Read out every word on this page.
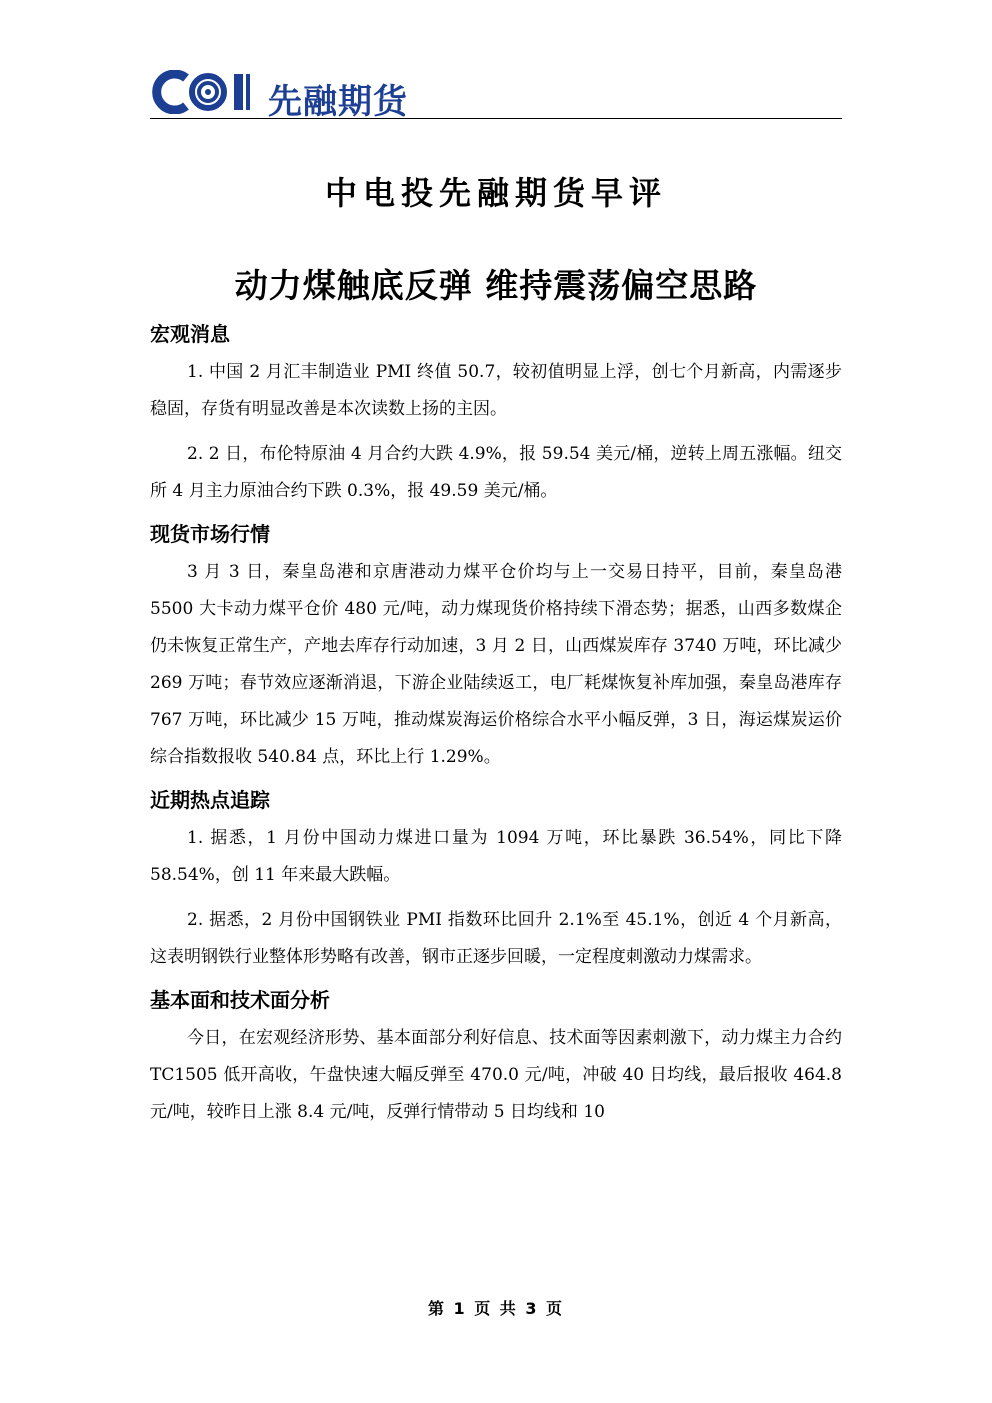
先融期货
中电投先融期货早评
动力煤触底反弹 维持震荡偏空思路
宏观消息

1. 中国 2 月汇丰制造业 PMI 终值 50.7，较初值明显上浮，创七个月新高，内需逐步稳固，存货有明显改善是本次读数上扬的主因。

2. 2 日，布伦特原油 4 月合约大跌 4.9%，报 59.54 美元/桶，逆转上周五涨幅。纽交所 4 月主力原油合约下跌 0.3%，报 49.59 美元/桶。

现货市场行情

3 月 3 日，秦皇岛港和京唐港动力煤平仓价均与上一交易日持平，目前，秦皇岛港 5500 大卡动力煤平仓价 480 元/吨，动力煤现货价格持续下滑态势；据悉，山西多数煤企仍未恢复正常生产，产地去库存行动加速，3 月 2 日，山西煤炭库存 3740 万吨，环比减少 269 万吨；春节效应逐渐消退，下游企业陆续返工，电厂耗煤恢复补库加强，秦皇岛港库存 767 万吨，环比减少 15 万吨，推动煤炭海运价格综合水平小幅反弹，3 日，海运煤炭运价综合指数报收 540.84 点，环比上行 1.29%。

近期热点追踪

1. 据悉，1 月份中国动力煤进口量为 1094 万吨，环比暴跌 36.54%，同比下降 58.54%，创 11 年来最大跌幅。

2. 据悉，2 月份中国钢铁业 PMI 指数环比回升 2.1%至 45.1%，创近 4 个月新高，这表明钢铁行业整体形势略有改善，钢市正逐步回暖，一定程度刺激动力煤需求。

基本面和技术面分析

今日，在宏观经济形势、基本面部分利好信息、技术面等因素刺激下，动力煤主力合约 TC1505 低开高收，午盘快速大幅反弹至 470.0 元/吨，冲破 40 日均线，最后报收 464.8 元/吨，较昨日上涨 8.4 元/吨，反弹行情带动 5 日均线和 10

第 1 页 共 3 页
